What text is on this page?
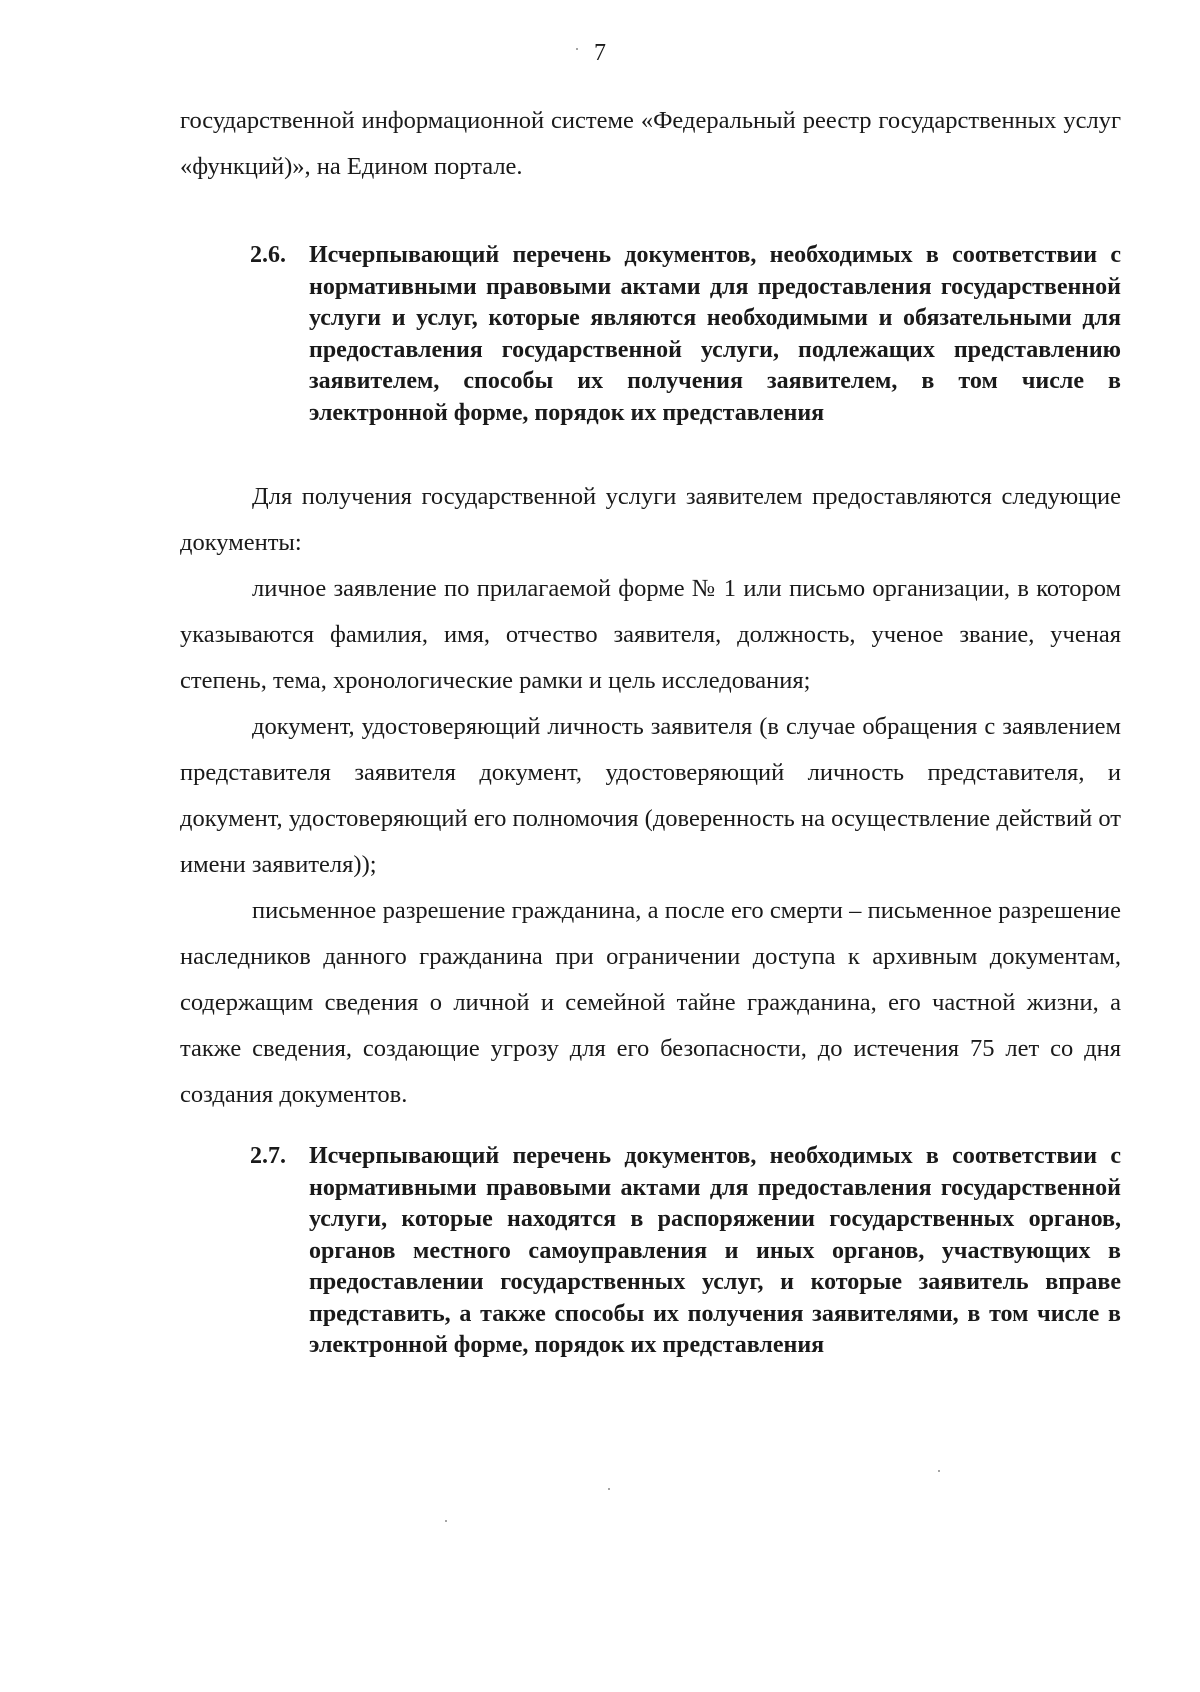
7

государственной информационной системе «Федеральный реестр государственных услуг «функций)», на Едином портале.

2.6. Исчерпывающий перечень документов, необходимых в соответствии с нормативными правовыми актами для предоставления государственной услуги и услуг, которые являются необходимыми и обязательными для предоставления государственной услуги, подлежащих представлению заявителем, способы их получения заявителем, в том числе в электронной форме, порядок их представления

Для получения государственной услуги заявителем предоставляются следующие документы:

личное заявление по прилагаемой форме № 1 или письмо организации, в котором указываются фамилия, имя, отчество заявителя, должность, ученое звание, ученая степень, тема, хронологические рамки и цель исследования;

документ, удостоверяющий личность заявителя (в случае обращения с заявлением представителя заявителя документ, удостоверяющий личность представителя, и документ, удостоверяющий его полномочия (доверенность на осуществление действий от имени заявителя));

письменное разрешение гражданина, а после его смерти – письменное разрешение наследников данного гражданина при ограничении доступа к архивным документам, содержащим сведения о личной и семейной тайне гражданина, его частной жизни, а также сведения, создающие угрозу для его безопасности, до истечения 75 лет со дня создания документов.

2.7. Исчерпывающий перечень документов, необходимых в соответствии с нормативными правовыми актами для предоставления государственной услуги, которые находятся в распоряжении государственных органов, органов местного самоуправления и иных органов, участвующих в предоставлении государственных услуг, и которые заявитель вправе представить, а также способы их получения заявителями, в том числе в электронной форме, порядок их представления
